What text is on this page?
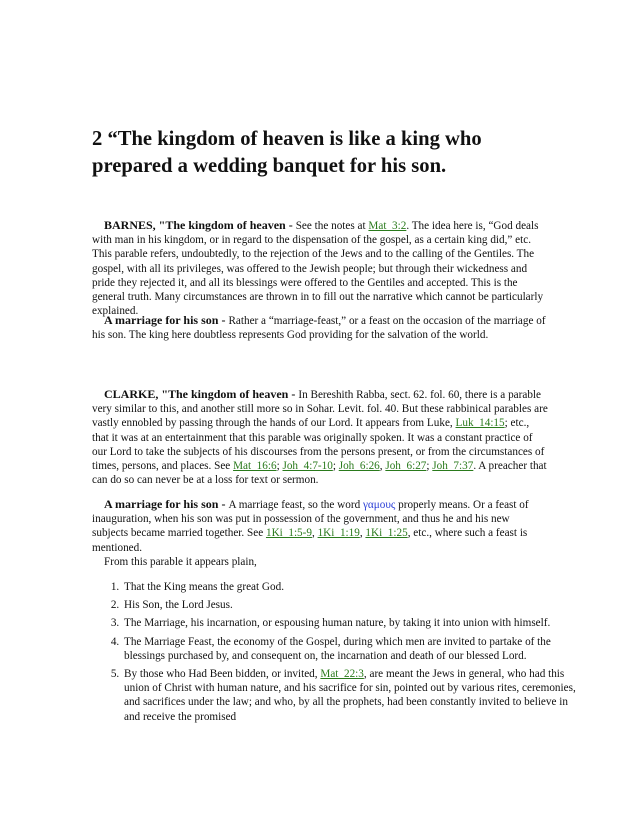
2 “The kingdom of heaven is like a king who prepared a wedding banquet for his son.

BARNES, "The kingdom of heaven - See the notes at Mat_3:2. The idea here is, “God deals with man in his kingdom, or in regard to the dispensation of the gospel, as a certain king did,” etc. This parable refers, undoubtedly, to the rejection of the Jews and to the calling of the Gentiles. The gospel, with all its privileges, was offered to the Jewish people; but through their wickedness and pride they rejected it, and all its blessings were offered to the Gentiles and accepted. This is the general truth. Many circumstances are thrown in to fill out the narrative which cannot be particularly explained.

A marriage for his son - Rather a “marriage-feast,” or a feast on the occasion of the marriage of his son. The king here doubtless represents God providing for the salvation of the world.

CLARKE, "The kingdom of heaven - In Bereshith Rabba, sect. 62. fol. 60, there is a parable very similar to this, and another still more so in Sohar. Levit. fol. 40. But these rabbinical parables are vastly ennobled by passing through the hands of our Lord. It appears from Luke, Luk_14:15; etc., that it was at an entertainment that this parable was originally spoken. It was a constant practice of our Lord to take the subjects of his discourses from the persons present, or from the circumstances of times, persons, and places. See Mat_16:6; Joh_4:7-10; Joh_6:26, Joh_6:27; Joh_7:37. A preacher that can do so can never be at a loss for text or sermon.

A marriage for his son - A marriage feast, so the word γαμους properly means. Or a feast of inauguration, when his son was put in possession of the government, and thus he and his new subjects became married together. See 1Ki_1:5-9, 1Ki_1:19, 1Ki_1:25, etc., where such a feast is mentioned.

From this parable it appears plain,

1. That the King means the great God.
2. His Son, the Lord Jesus.
3. The Marriage, his incarnation, or espousing human nature, by taking it into union with himself.
4. The Marriage Feast, the economy of the Gospel, during which men are invited to partake of the blessings purchased by, and consequent on, the incarnation and death of our blessed Lord.
5. By those who Had Been bidden, or invited, Mat_22:3, are meant the Jews in general, who had this union of Christ with human nature, and his sacrifice for sin, pointed out by various rites, ceremonies, and sacrifices under the law; and who, by all the prophets, had been constantly invited to believe in and receive the promised
